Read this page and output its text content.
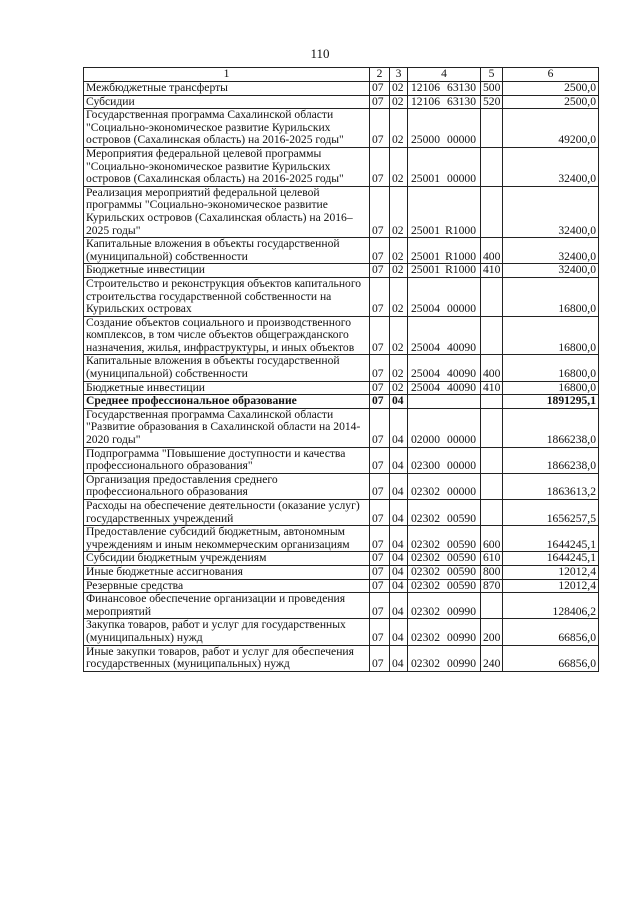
110
1	2	3	4	5	6
Межбюджетные трансферты	07	02	12106 63130	500	2500,0
Субсидии	07	02	12106 63130	520	2500,0
Государственная программа Сахалинской области "Социально-экономическое развитие Курильских островов (Сахалинская область) на 2016-2025 годы"	07	02	25000 00000		49200,0
Мероприятия федеральной целевой программы "Социально-экономическое развитие Курильских островов (Сахалинская область) на 2016-2025 годы"	07	02	25001 00000		32400,0
Реализация мероприятий федеральной целевой программы "Социально-экономическое развитие Курильских островов (Сахалинская область) на 2016–2025 годы"	07	02	25001 R1000		32400,0
Капитальные вложения в объекты государственной (муниципальной) собственности	07	02	25001 R1000	400	32400,0
Бюджетные инвестиции	07	02	25001 R1000	410	32400,0
Строительство и реконструкция объектов капитального строительства государственной собственности на Курильских островах	07	02	25004 00000		16800,0
Создание объектов социального и производственного комплексов, в том числе объектов общегражданского назначения, жилья, инфраструктуры, и иных объектов	07	02	25004 40090		16800,0
Капитальные вложения в объекты государственной (муниципальной) собственности	07	02	25004 40090	400	16800,0
Бюджетные инвестиции	07	02	25004 40090	410	16800,0
Среднее профессиональное образование	07	04			1891295,1
Государственная программа Сахалинской области "Развитие образования в Сахалинской области на 2014-2020 годы"	07	04	02000 00000		1866238,0
Подпрограмма "Повышение доступности и качества профессионального образования"	07	04	02300 00000		1866238,0
Организация предоставления среднего профессионального образования	07	04	02302 00000		1863613,2
Расходы на обеспечение деятельности (оказание услуг) государственных учреждений	07	04	02302 00590		1656257,5
Предоставление субсидий бюджетным, автономным учреждениям и иным некоммерческим организациям	07	04	02302 00590	600	1644245,1
Субсидии бюджетным учреждениям	07	04	02302 00590	610	1644245,1
Иные бюджетные ассигнования	07	04	02302 00590	800	12012,4
Резервные средства	07	04	02302 00590	870	12012,4
Финансовое обеспечение организации и проведения мероприятий	07	04	02302 00990		128406,2
Закупка товаров, работ и услуг для государственных (муниципальных) нужд	07	04	02302 00990	200	66856,0
Иные закупки товаров, работ и услуг для обеспечения государственных (муниципальных) нужд	07	04	02302 00990	240	66856,0
